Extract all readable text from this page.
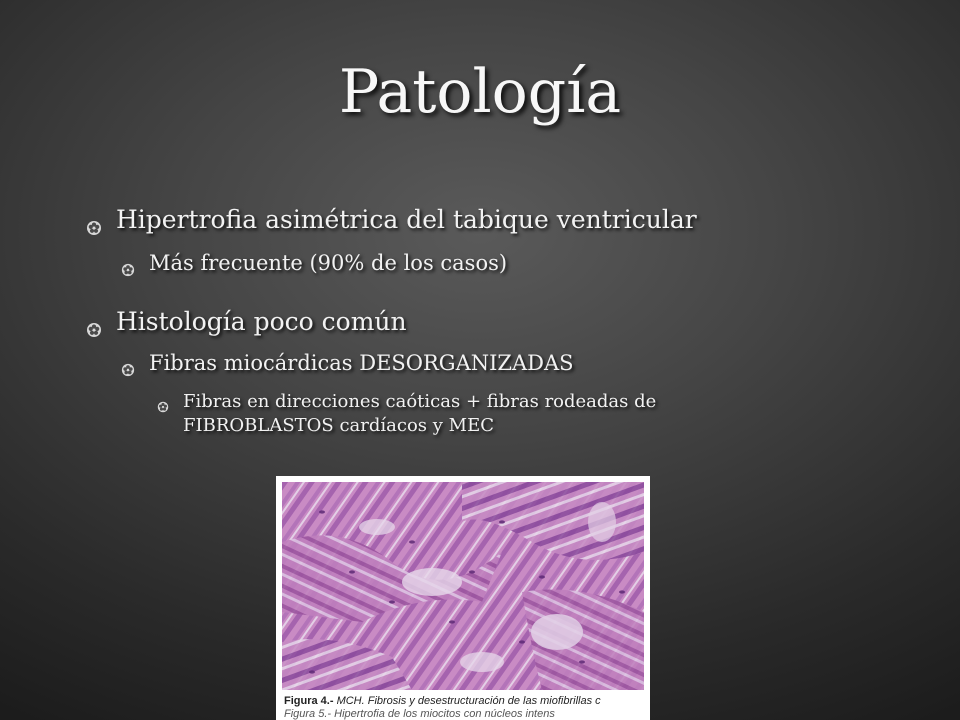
Patología
Hipertrofia asimétrica del tabique ventricular
Más frecuente (90% de los casos)
Histología poco común
Fibras miocárdicas DESORGANIZADAS
Fibras en direcciones caóticas + fibras rodeadas de
FIBROBLASTOS cardíacos y MEC
Figura 4.- MCH. Fibrosis y desestructuración de las miofibrillas c
Figura 5.- Hipertrofia de los miocitos con núcleos intens
